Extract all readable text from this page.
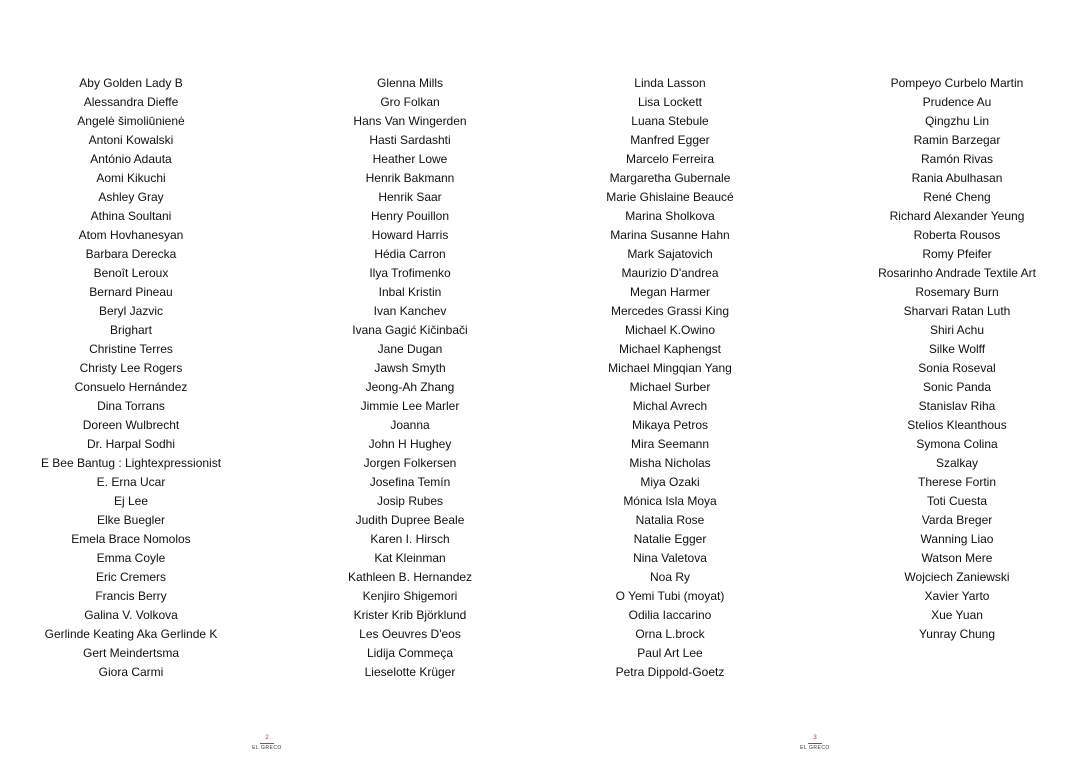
Aby Golden Lady B
Alessandra Dieffe
Angelė šimoliūnienė
Antoni Kowalski
António Adauta
Aomi Kikuchi
Ashley Gray
Athina Soultani
Atom Hovhanesyan
Barbara Derecka
Benoît Leroux
Bernard Pineau
Beryl Jazvic
Brighart
Christine Terres
Christy Lee Rogers
Consuelo Hernández
Dina Torrans
Doreen Wulbrecht
Dr. Harpal Sodhi
E Bee Bantug : Lightexpressionist
E. Erna Ucar
Ej Lee
Elke Buegler
Emela Brace Nomolos
Emma Coyle
Eric Cremers
Francis Berry
Galina V. Volkova
Gerlinde Keating Aka Gerlinde K
Gert Meindertsma
Giora Carmi
Glenna Mills
Gro Folkan
Hans Van Wingerden
Hasti Sardashti
Heather Lowe
Henrik Bakmann
Henrik Saar
Henry Pouillon
Howard Harris
Hédia Carron
Ilya Trofimenko
Inbal Kristin
Ivan Kanchev
Ivana Gagić Kičinbači
Jane Dugan
Jawsh Smyth
Jeong-Ah Zhang
Jimmie Lee Marler
Joanna
John H Hughey
Jorgen Folkersen
Josefina Temín
Josip Rubes
Judith Dupree Beale
Karen I. Hirsch
Kat Kleinman
Kathleen B. Hernandez
Kenjiro Shigemori
Krister Krib Björklund
Les Oeuvres D'eos
Lidija Commeça
Lieselotte Krüger
Linda Lasson
Lisa Lockett
Luana Stebule
Manfred Egger
Marcelo Ferreira
Margaretha Gubernale
Marie Ghislaine Beaucé
Marina Sholkova
Marina Susanne Hahn
Mark Sajatovich
Maurizio D'andrea
Megan Harmer
Mercedes Grassi King
Michael K.Owino
Michael Kaphengst
Michael Mingqian Yang
Michael Surber
Michal Avrech
Mikaya Petros
Mira Seemann
Misha Nicholas
Miya Ozaki
Mónica Isla Moya
Natalia Rose
Natalie Egger
Nina Valetova
Noa Ry
O Yemi Tubi (moyat)
Odilia Iaccarino
Orna L.brock
Paul Art Lee
Petra Dippold-Goetz
Pompeyo Curbelo Martin
Prudence Au
Qingzhu Lin
Ramin Barzegar
Ramón Rivas
Rania Abulhasan
René Cheng
Richard Alexander Yeung
Roberta Rousos
Romy Pfeifer
Rosarinho Andrade Textile Art
Rosemary Burn
Sharvari Ratan Luth
Shiri Achu
Silke Wolff
Sonia Roseval
Sonic Panda
Stanislav Riha
Stelios Kleanthous
Symona Colina
Szalkay
Therese Fortin
Toti Cuesta
Varda Breger
Wanning Liao
Watson Mere
Wojciech Zaniewski
Xavier Yarto
Xue Yuan
Yunray Chung
2
EL GRECO
3
EL GRECO
